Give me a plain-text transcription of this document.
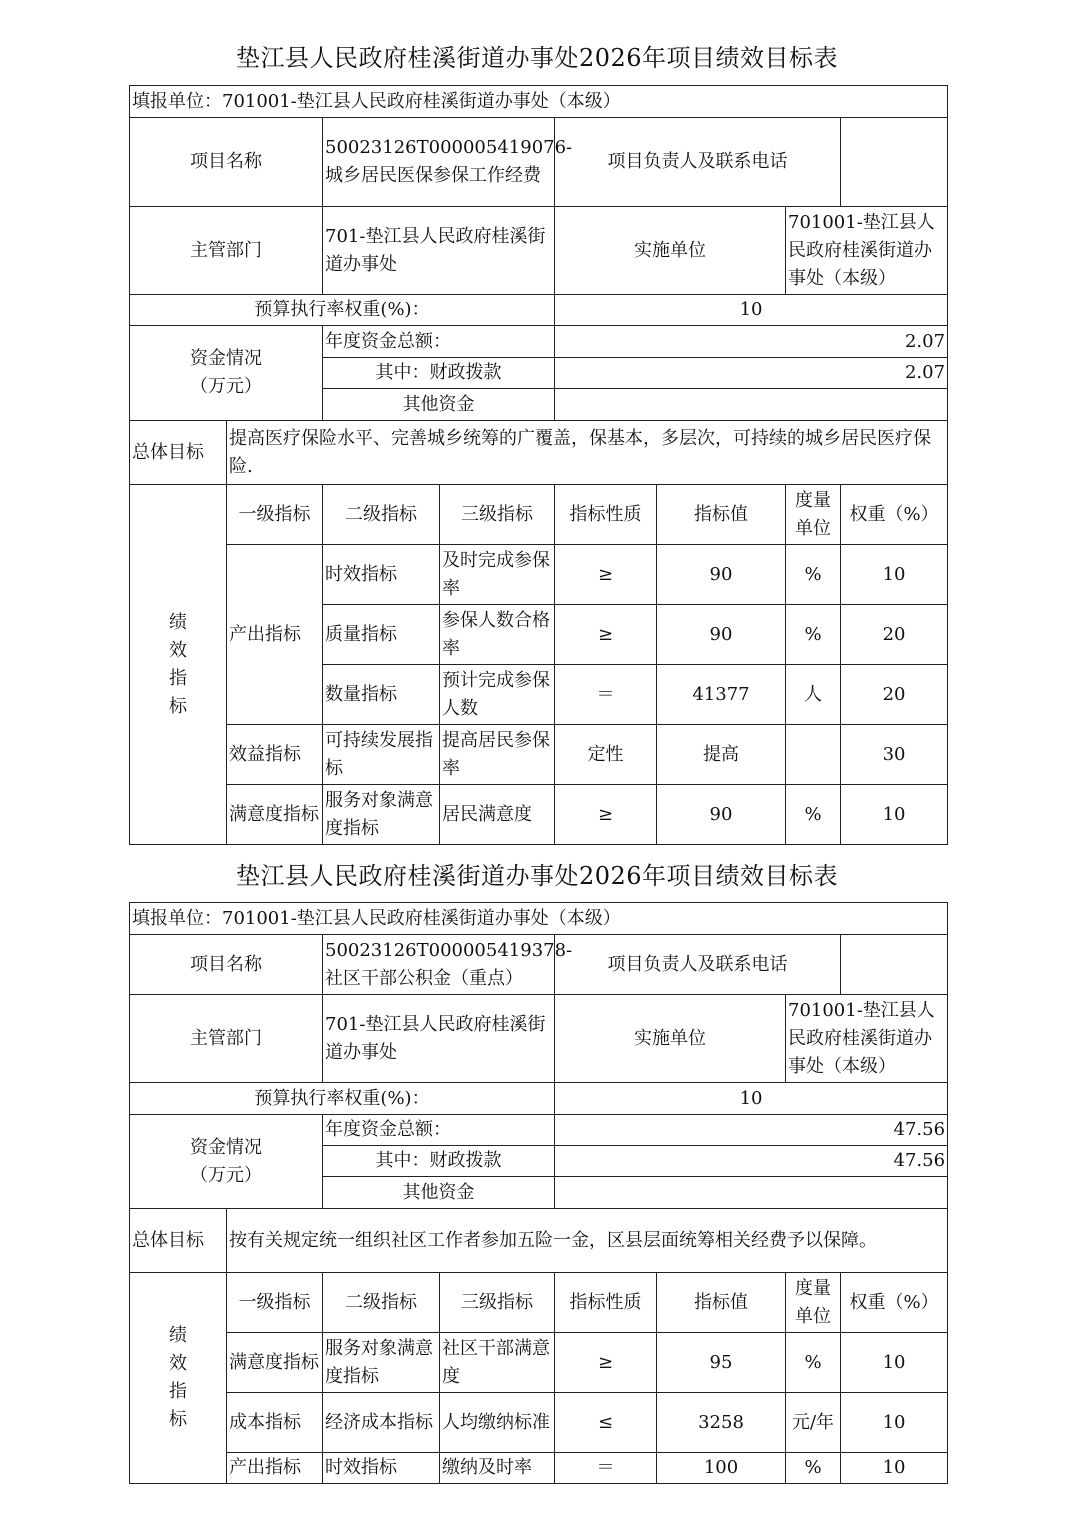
垫江县人民政府桂溪街道办事处2026年项目绩效目标表
填报单位：701001-垫江县人民政府桂溪街道办事处（本级）							
项目名称		50023126T000005419076-城乡居民医保参保工作经费		项目负责人及联系电话			
主管部门		701-垫江县人民政府桂溪街道办事处		实施单位		701001-垫江县人民政府桂溪街道办事处（本级）	
预算执行率权重(%)：				10			

资金情况
（万元）		年度资金总额：		2.07			
		其中：财政拨款		2.07			
		其他资金					
总体目标	提高医疗保险水平、完善城乡统筹的广覆盖，保基本，多层次，可持续的城乡居民医疗保险.						

绩
效
指
标	一级指标	二级指标	三级指标	指标性质	指标值	度量单位	权重（%）
	产出指标	时效指标	及时完成参保率	≥	90	%	10
		质量指标	参保人数合格率	≥	90	%	20
		数量指标	预计完成参保人数	＝	41377	人	20
	效益指标	可持续发展指标	提高居民参保率	定性	提高		30
	满意度指标	服务对象满意度指标	居民满意度	≥	90	%	10
垫江县人民政府桂溪街道办事处2026年项目绩效目标表
填报单位：701001-垫江县人民政府桂溪街道办事处（本级）							
项目名称		50023126T000005419378-社区干部公积金（重点）		项目负责人及联系电话			
主管部门		701-垫江县人民政府桂溪街道办事处		实施单位		701001-垫江县人民政府桂溪街道办事处（本级）	
预算执行率权重(%)：				10			

资金情况
（万元）		年度资金总额：		47.56			
		其中：财政拨款		47.56			
		其他资金					
总体目标	按有关规定统一组织社区工作者参加五险一金，区县层面统筹相关经费予以保障。						

绩
效
指
标	一级指标	二级指标	三级指标	指标性质	指标值	度量单位	权重（%）
	满意度指标	服务对象满意度指标	社区干部满意度	≥	95	%	10
	成本指标	经济成本指标	人均缴纳标准	≤	3258	元/年	10
	产出指标	时效指标	缴纳及时率	＝	100	%	10
